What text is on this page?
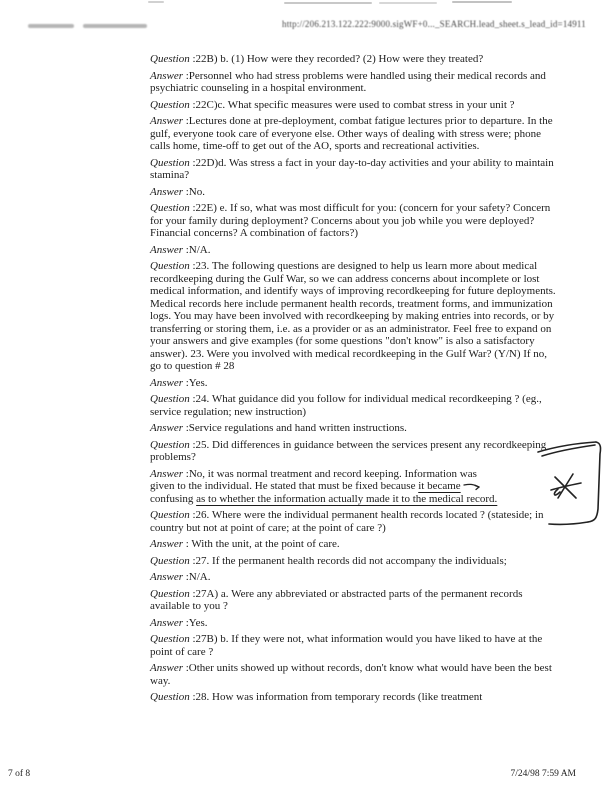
http://206.213.122.222:9000.sigWF+0..._SEARCH.lead_sheet.s_lead_id=14911

Question :22B) b. (1) How were they recorded? (2) How were they treated?

Answer :Personnel who had stress problems were handled using their medical records and psychiatric counseling in a hospital environment.

Question :22C)c. What specific measures were used to combat stress in your unit ?

Answer :Lectures done at pre-deployment, combat fatigue lectures prior to departure. In the gulf, everyone took care of everyone else. Other ways of dealing with stress were; phone calls home, time-off to get out of the AO, sports and recreational activities.

Question :22D)d. Was stress a fact in your day-to-day activities and your ability to maintain stamina?

Answer :No.

Question :22E) e. If so, what was most difficult for you: (concern for your safety? Concern for your family during deployment? Concerns about you job while you were deployed? Financial concerns? A combination of factors?)

Answer :N/A.

Question :23. The following questions are designed to help us learn more about medical recordkeeping during the Gulf War, so we can address concerns about incomplete or lost medical information, and identify ways of improving recordkeeping for future deployments. Medical records here include permanent health records, treatment forms, and immunization logs. You may have been involved with recordkeeping by making entries into records, or by transferring or storing them, i.e. as a provider or as an administrator. Feel free to expand on your answers and give examples (for some questions "don't know" is also a satisfactory answer). 23. Were you involved with medical recordkeeping in the Gulf War? (Y/N) If no, go to question # 28

Answer :Yes.

Question :24. What guidance did you follow for individual medical recordkeeping ? (eg., service regulation; new instruction)

Answer :Service regulations and hand written instructions.

Question :25. Did differences in guidance between the services present any recordkeeping problems?

Answer :No, it was normal treatment and record keeping. Information was
given to the individual. He stated that must be fixed because it became
confusing as to whether the information actually made it to the medical record.

Question :26. Where were the individual permanent health records located ? (stateside; in country but not at point of care; at the point of care ?)

Answer : With the unit, at the point of care.

Question :27. If the permanent health records did not accompany the individuals;

Answer :N/A.

Question :27A) a. Were any abbreviated or abstracted parts of the permanent records available to you ?

Answer :Yes.

Question :27B) b. If they were not, what information would you have liked to have at the point of care ?

Answer :Other units showed up without records, don't know what would have been the best way.

Question :28. How was information from temporary records (like treatment

7 of 8	7/24/98 7:59 AM
